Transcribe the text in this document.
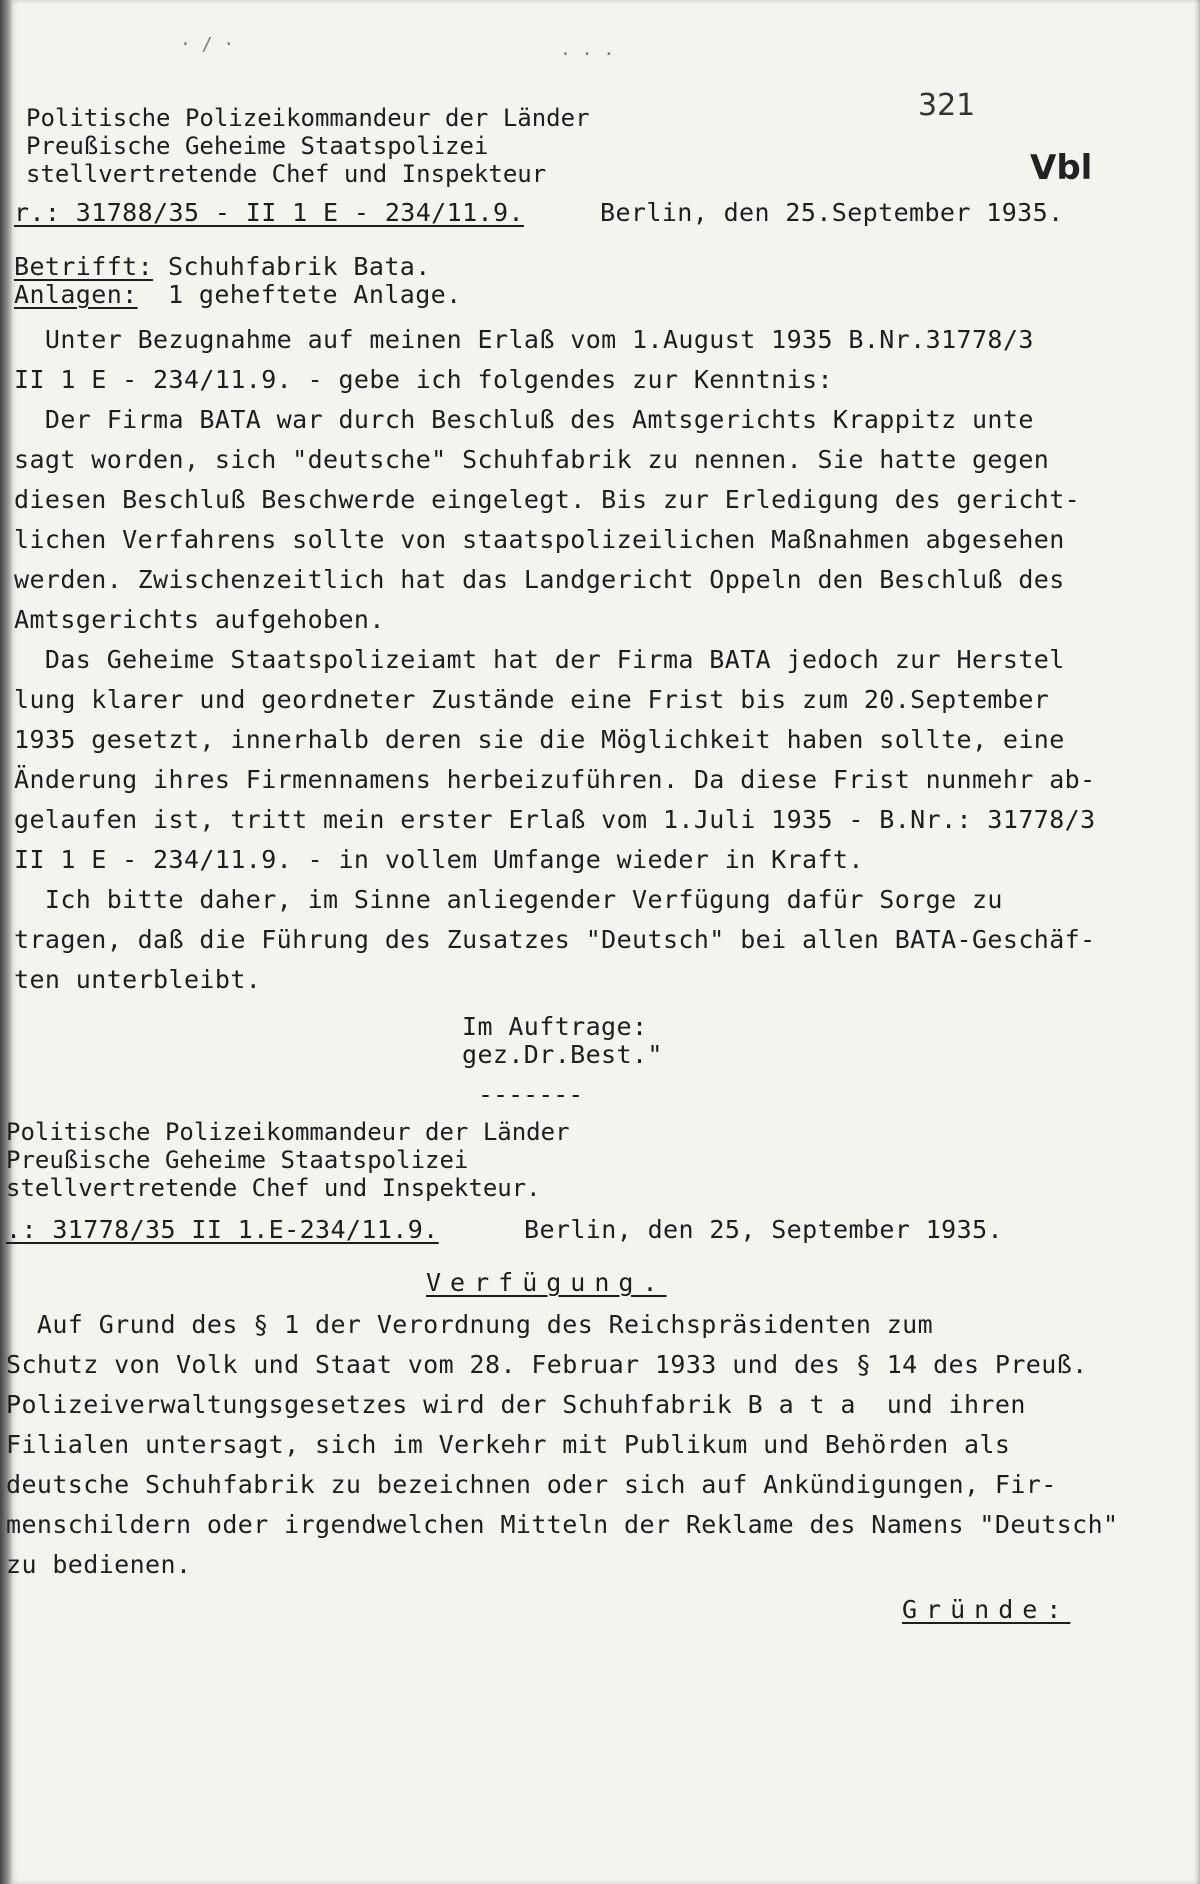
· / ·	· · ·
321
Vbl
Politische Polizeikommandeur der Länder
Preußische Geheime Staatspolizei
stellvertretende Chef und Inspekteur
r.: 31788/35 - II 1 E - 234/11.9.	Berlin, den 25.September 1935.
Betrifft: Schuhfabrik Bata.
Anlagen: 1 geheftete Anlage.
Unter Bezugnahme auf meinen Erlaß vom 1.August 1935 B.Nr.31778/3
II 1 E - 234/11.9. - gebe ich folgendes zur Kenntnis:
Der Firma BATA war durch Beschluß des Amtsgerichts Krappitz unte
sagt worden, sich "deutsche" Schuhfabrik zu nennen. Sie hatte gegen
diesen Beschluß Beschwerde eingelegt. Bis zur Erledigung des gericht-
lichen Verfahrens sollte von staatspolizeilichen Maßnahmen abgesehen
werden. Zwischenzeitlich hat das Landgericht Oppeln den Beschluß des
Amtsgerichts aufgehoben.
Das Geheime Staatspolizeiamt hat der Firma BATA jedoch zur Herstel
lung klarer und geordneter Zustände eine Frist bis zum 20.September
1935 gesetzt, innerhalb deren sie die Möglichkeit haben sollte, eine
Änderung ihres Firmennamens herbeizuführen. Da diese Frist nunmehr ab-
gelaufen ist, tritt mein erster Erlaß vom 1.Juli 1935 - B.Nr.: 31778/3
II 1 E - 234/11.9. - in vollem Umfange wieder in Kraft.
Ich bitte daher, im Sinne anliegender Verfügung dafür Sorge zu
tragen, daß die Führung des Zusatzes "Deutsch" bei allen BATA-Geschäf-
ten unterbleibt.
Im Auftrage:
gez.Dr.Best."
-------
Politische Polizeikommandeur der Länder
Preußische Geheime Staatspolizei
stellvertretende Chef und Inspekteur.
.: 31778/35 II 1.E-234/11.9.	Berlin, den 25, September 1935.
Verfügung.
Auf Grund des § 1 der Verordnung des Reichspräsidenten zum
Schutz von Volk und Staat vom 28. Februar 1933 und des § 14 des Preuß.
Polizeiverwaltungsgesetzes wird der Schuhfabrik B a t a  und ihren
Filialen untersagt, sich im Verkehr mit Publikum und Behörden als
deutsche Schuhfabrik zu bezeichnen oder sich auf Ankündigungen, Fir-
menschildern oder irgendwelchen Mitteln der Reklame des Namens "Deutsch"
zu bedienen.
Gründe:
